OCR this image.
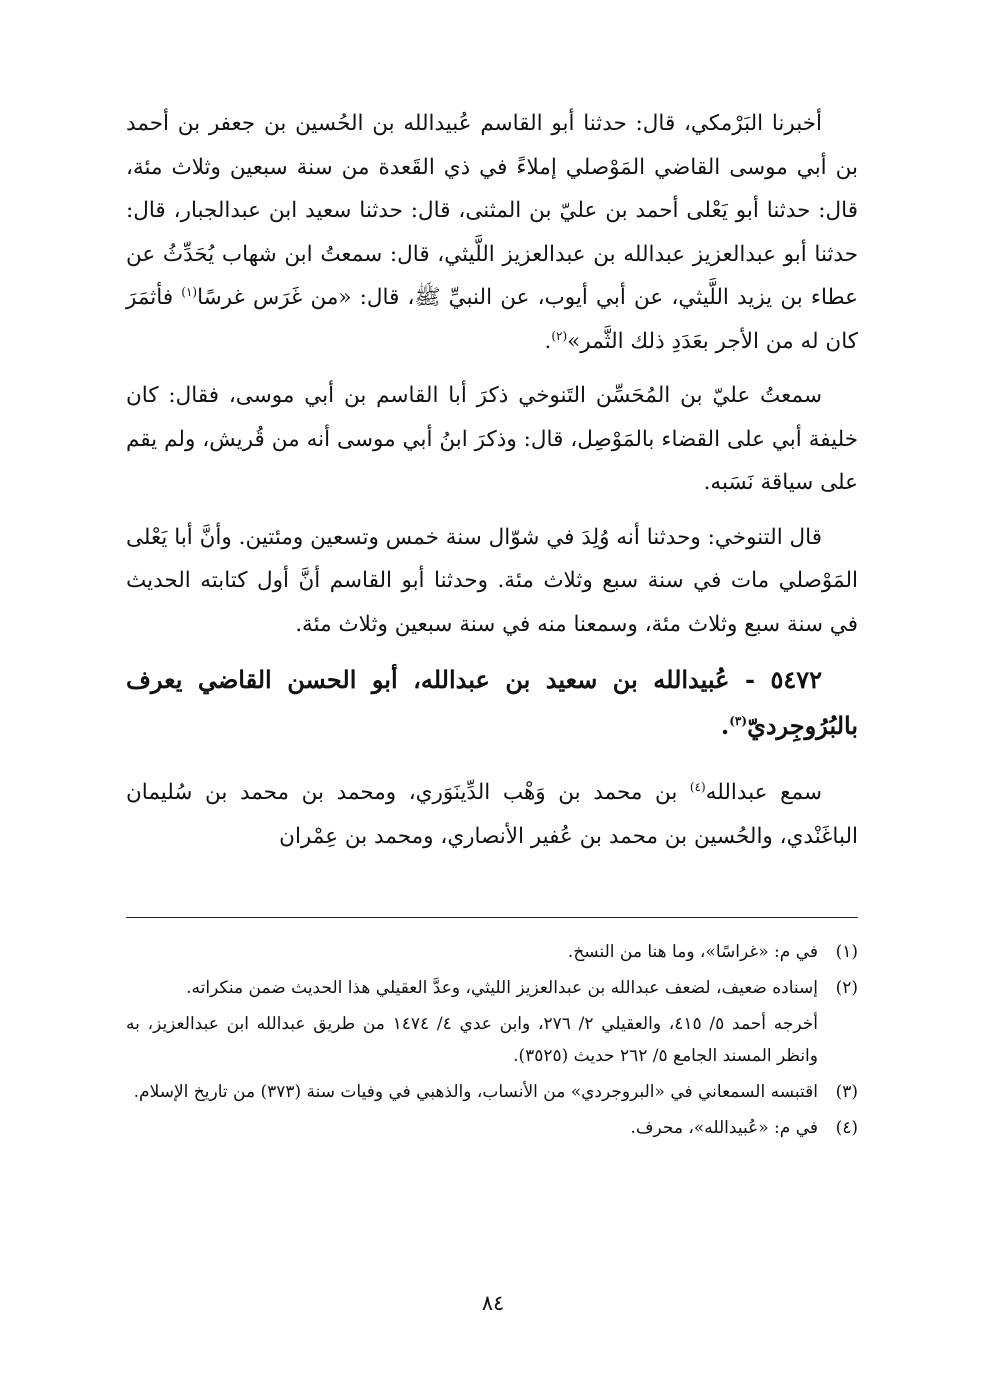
أخبرنا البَرْمكي، قال: حدثنا أبو القاسم عُبيدالله بن الحُسين بن جعفر بن أحمد بن أبي موسى القاضي المَوْصلي إملاءً في ذي القَعدة من سنة سبعين وثلاث مئة، قال: حدثنا أبو يَعْلى أحمد بن عليّ بن المثنى، قال: حدثنا سعيد ابن عبدالجبار، قال: حدثنا أبو عبدالعزيز عبدالله بن عبدالعزيز اللَّيثي، قال: سمعتُ ابن شهاب يُحَدِّثُ عن عطاء بن يزيد اللَّيثي، عن أبي أيوب، عن النبيِّ ﷺ، قال: «من غَرَس غرسًا$^{(١)}$ فأثمَرَ كان له من الأجر بعَدَدِ ذلك الثَّمر»$^{(٢)}$.

سمعتُ عليّ بن المُحَسِّن التَنوخي ذكرَ أبا القاسم بن أبي موسى، فقال: كان خليفة أبي على القضاء بالمَوْصِل، قال: وذكرَ ابنُ أبي موسى أنه من قُريش، ولم يقم على سياقة نَسَبه.

قال التنوخي: وحدثنا أنه وُلِدَ في شوّال سنة خمس وتسعين ومئتين. وأنَّ أبا يَعْلى المَوْصلي مات في سنة سبع وثلاث مئة. وحدثنا أبو القاسم أنَّ أول كتابته الحديث في سنة سبع وثلاث مئة، وسمعنا منه في سنة سبعين وثلاث مئة.

٥٤٧٢ - عُبيدالله بن سعيد بن عبدالله، أبو الحسن القاضي يعرف بالبُرُوجِرديّ$^{(٣)}$.

سمع عبدالله$^{(٤)}$ بن محمد بن وَهْب الدِّينَوَري، ومحمد بن محمد بن سُليمان الباغَنْدي، والحُسين بن محمد بن عُفير الأنصاري، ومحمد بن عِمْران

(١)
في م: «غراسًا»، وما هنا من النسخ.
(٢)
إسناده ضعيف، لضعف عبدالله بن عبدالعزيز الليثي، وعدَّ العقيلي هذا الحديث ضمن منكراته.
أخرجه أحمد ٥/ ٤١٥، والعقيلي ٢/ ٢٧٦، وابن عدي ٤/ ١٤٧٤ من طريق عبدالله ابن عبدالعزيز، به وانظر المسند الجامع ٥/ ٢٦٢ حديث (٣٥٢٥).
(٣)
اقتبسه السمعاني في «البروجردي» من الأنساب، والذهبي في وفيات سنة (٣٧٣) من تاريخ الإسلام.
(٤)
في م: «عُبيدالله»، محرف.
٨٤
